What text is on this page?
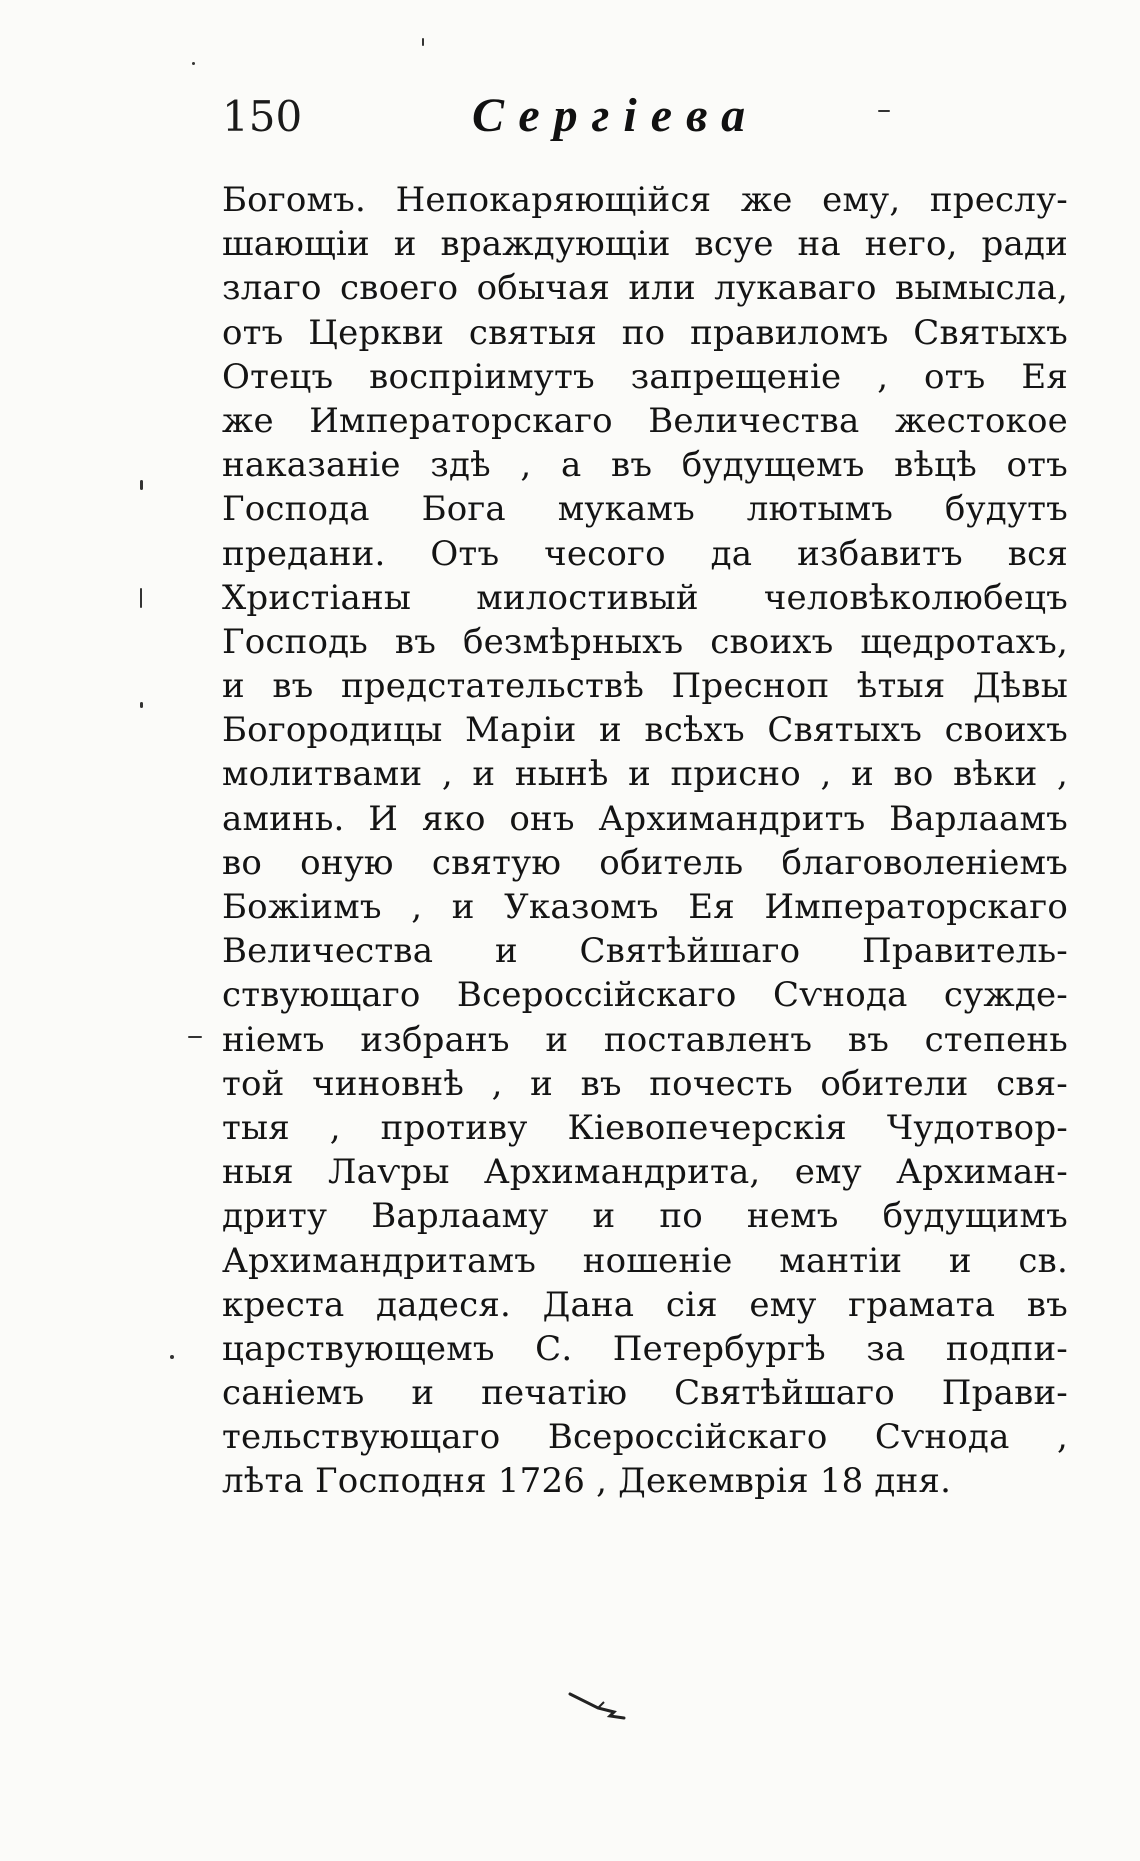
150	Сергіева
Богомъ. Непокаряющійся же ему, преслу-
шающіи и враждующіи всуе на него, ради
злаго своего обычая или лукаваго вымысла,
отъ Церкви святыя по правиломъ Святыхъ
Отецъ воспріимутъ запрещеніе , отъ Ея
же Императорскаго Величества жестокое
наказаніе здѣ , а въ будущемъ вѣцѣ отъ
Господа Бога мукамъ лютымъ будутъ
предани. Отъ чесого да избавитъ вся
Христіаны милостивый человѣколюбецъ
Господь въ безмѣрныхъ своихъ щедротахъ,
и въ предстательствѣ Пресноп ѣтыя Дѣвы
Богородицы Маріи и всѣхъ Святыхъ своихъ
молитвами , и нынѣ и присно , и во вѣки ,
аминь. И яко онъ Архимандритъ Варлаамъ
во оную святую обитель благоволеніемъ
Божіимъ , и Указомъ Ея Императорскаго
Величества и Святѣйшаго Правитель-
ствующаго Всероссійскаго Сѵнода сужде-
ніемъ избранъ и поставленъ въ степень
той чиновнѣ , и въ почесть обители свя-
тыя , противу Кіевопечерскія Чудотвор-
ныя Лаѵры Архимандрита, ему Архиман-
дриту Варлааму и по немъ будущимъ
Архимандритамъ ношеніе мантіи и св.
креста дадеся. Дана сія ему грамата въ
царствующемъ С. Петербургѣ за подпи-
саніемъ и печатію Святѣйшаго Прави-
тельствующаго Всероссійскаго Сѵнода ,
лѣта Господня 1726 , Декемврія 18 дня.
